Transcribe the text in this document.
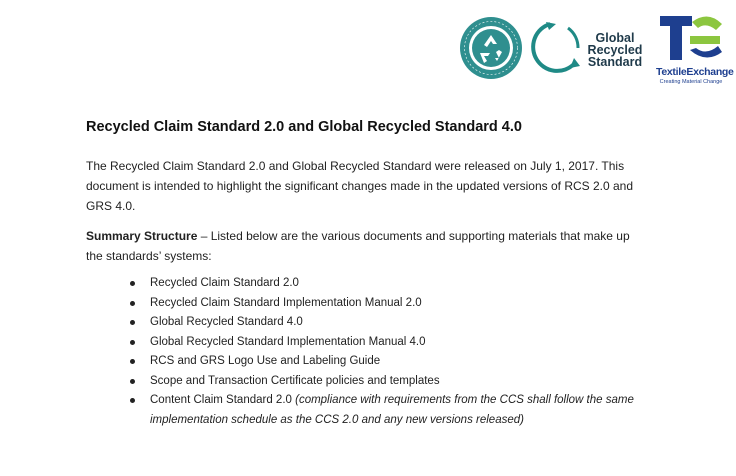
Global Recycled Standard
TextileExchange
Creating Material Change
Recycled Claim Standard 2.0 and Global Recycled Standard 4.0
The Recycled Claim Standard 2.0 and Global Recycled Standard were released on July 1, 2017. This document is intended to highlight the significant changes made in the updated versions of RCS 2.0 and GRS 4.0.
Summary Structure – Listed below are the various documents and supporting materials that make up the standards’ systems:
Recycled Claim Standard 2.0
Recycled Claim Standard Implementation Manual 2.0
Global Recycled Standard 4.0
Global Recycled Standard Implementation Manual 4.0
RCS and GRS Logo Use and Labeling Guide
Scope and Transaction Certificate policies and templates
Content Claim Standard 2.0 (compliance with requirements from the CCS shall follow the same implementation schedule as the CCS 2.0 and any new versions released)
